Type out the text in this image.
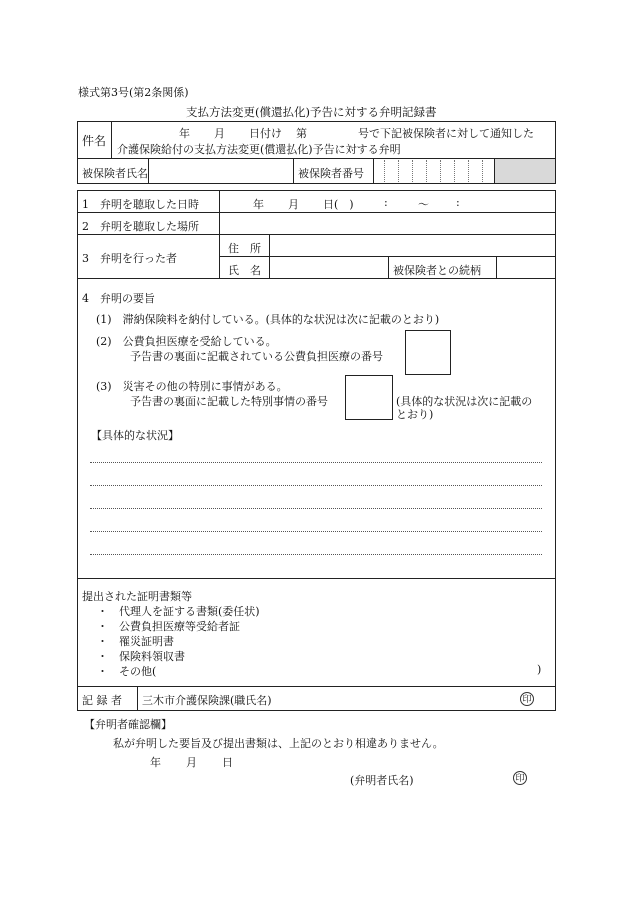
様式第3号(第2条関係)
支払方法変更(償還払化)予告に対する弁明記録書
件名
年 月 日付け 第	号で下記被保険者に対して通知した
介護保険給付の支払方法変更(償還払化)予告に対する弁明
被保険者氏名	被保険者番号
1　弁明を聴取した日時	年 月 日(　)	:	〜 :
2　弁明を聴取した場所
3　弁明を行った者
住　所
氏　名	被保険者との続柄
4　弁明の要旨
(1)　滞納保険料を納付している。(具体的な状況は次に記載のとおり)
(2)　公費負担医療を受給している。
予告書の裏面に記載されている公費負担医療の番号
(3)　災害その他の特別に事情がある。
予告書の裏面に記載した特別事情の番号	(具体的な状況は次に記載の
とおり)
【具体的な状況】
提出された証明書類等
・　代理人を証する書類(委任状)
・　公費負担医療等受給者証
・　罹災証明書
・　保険料領収書
・　その他(	)
記 録 者 三木市介護保険課(職氏名)	印
【弁明者確認欄】
私が弁明した要旨及び提出書類は、上記のとおり相違ありません。
年 月 日
(弁明者氏名)	印
